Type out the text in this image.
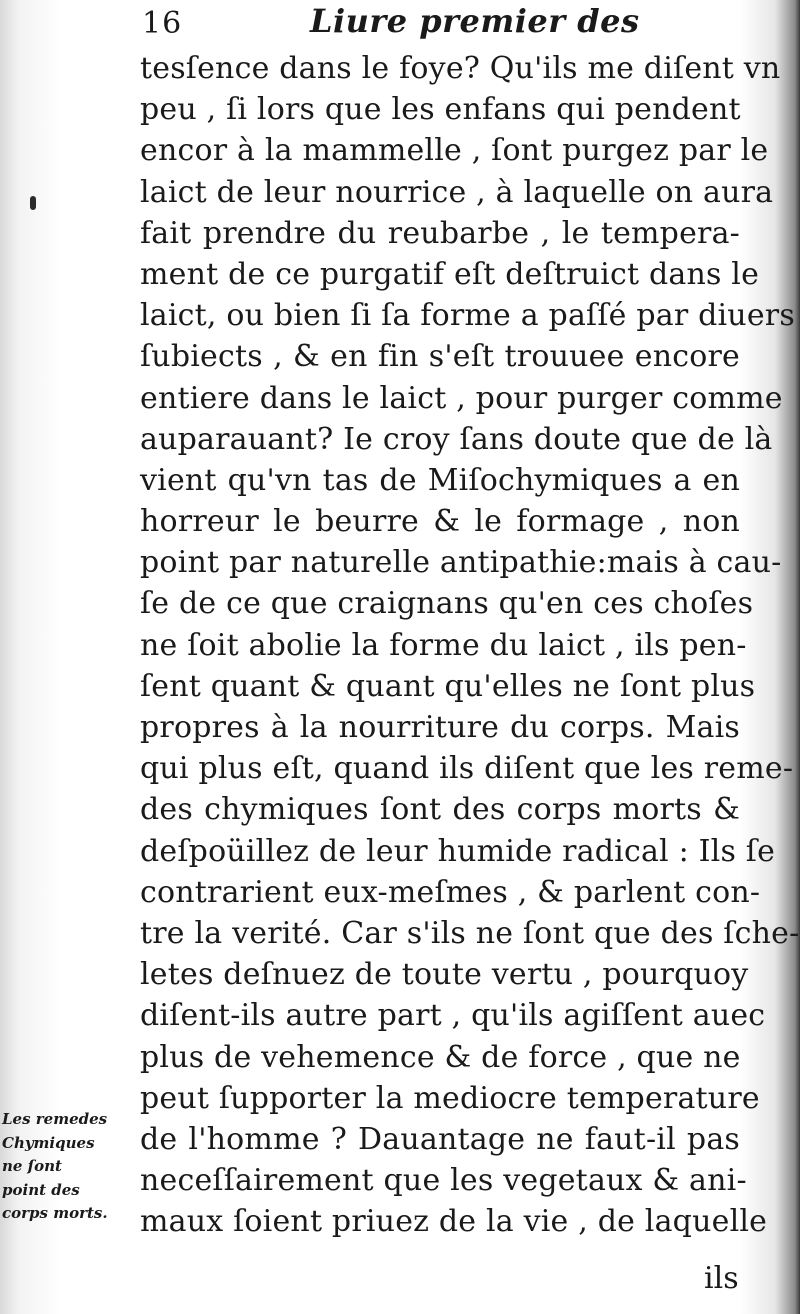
16	Liure premier des
tesſence dans le foye? Qu'ils me diſent vn
peu , ſi lors que les enfans qui pendent
encor à la mammelle , ſont purgez par le
laict de leur nourrice , à laquelle on aura
fait prendre du reubarbe , le tempera-
ment de ce purgatif eſt deſtruict dans le
laict, ou bien ſi ſa forme a paſſé par diuers
ſubiects , & en fin s'eſt trouuee encore
entiere dans le laict , pour purger comme
auparauant? Ie croy ſans doute que de là
vient qu'vn tas de Miſochymiques a en
horreur le beurre & le formage , non
point par naturelle antipathie:mais à cau-
ſe de ce que craignans qu'en ces choſes
ne ſoit abolie la forme du laict , ils pen-
ſent quant & quant qu'elles ne ſont plus
propres à la nourriture du corps. Mais
qui plus eſt, quand ils diſent que les reme-
des chymiques ſont des corps morts &
deſpoüillez de leur humide radical : Ils ſe
contrarient eux-meſmes , & parlent con-
tre la verité. Car s'ils ne ſont que des ſche-
letes deſnuez de toute vertu , pourquoy
diſent-ils autre part , qu'ils agiſſent auec
plus de vehemence & de force , que ne
peut ſupporter la mediocre temperature
de l'homme ? Dauantage ne faut-il pas
neceſſairement que les vegetaux & ani-
maux ſoient priuez de la vie , de laquelle
Les remedes
Chymiques
ne ſont
point des
corps morts.
ils
